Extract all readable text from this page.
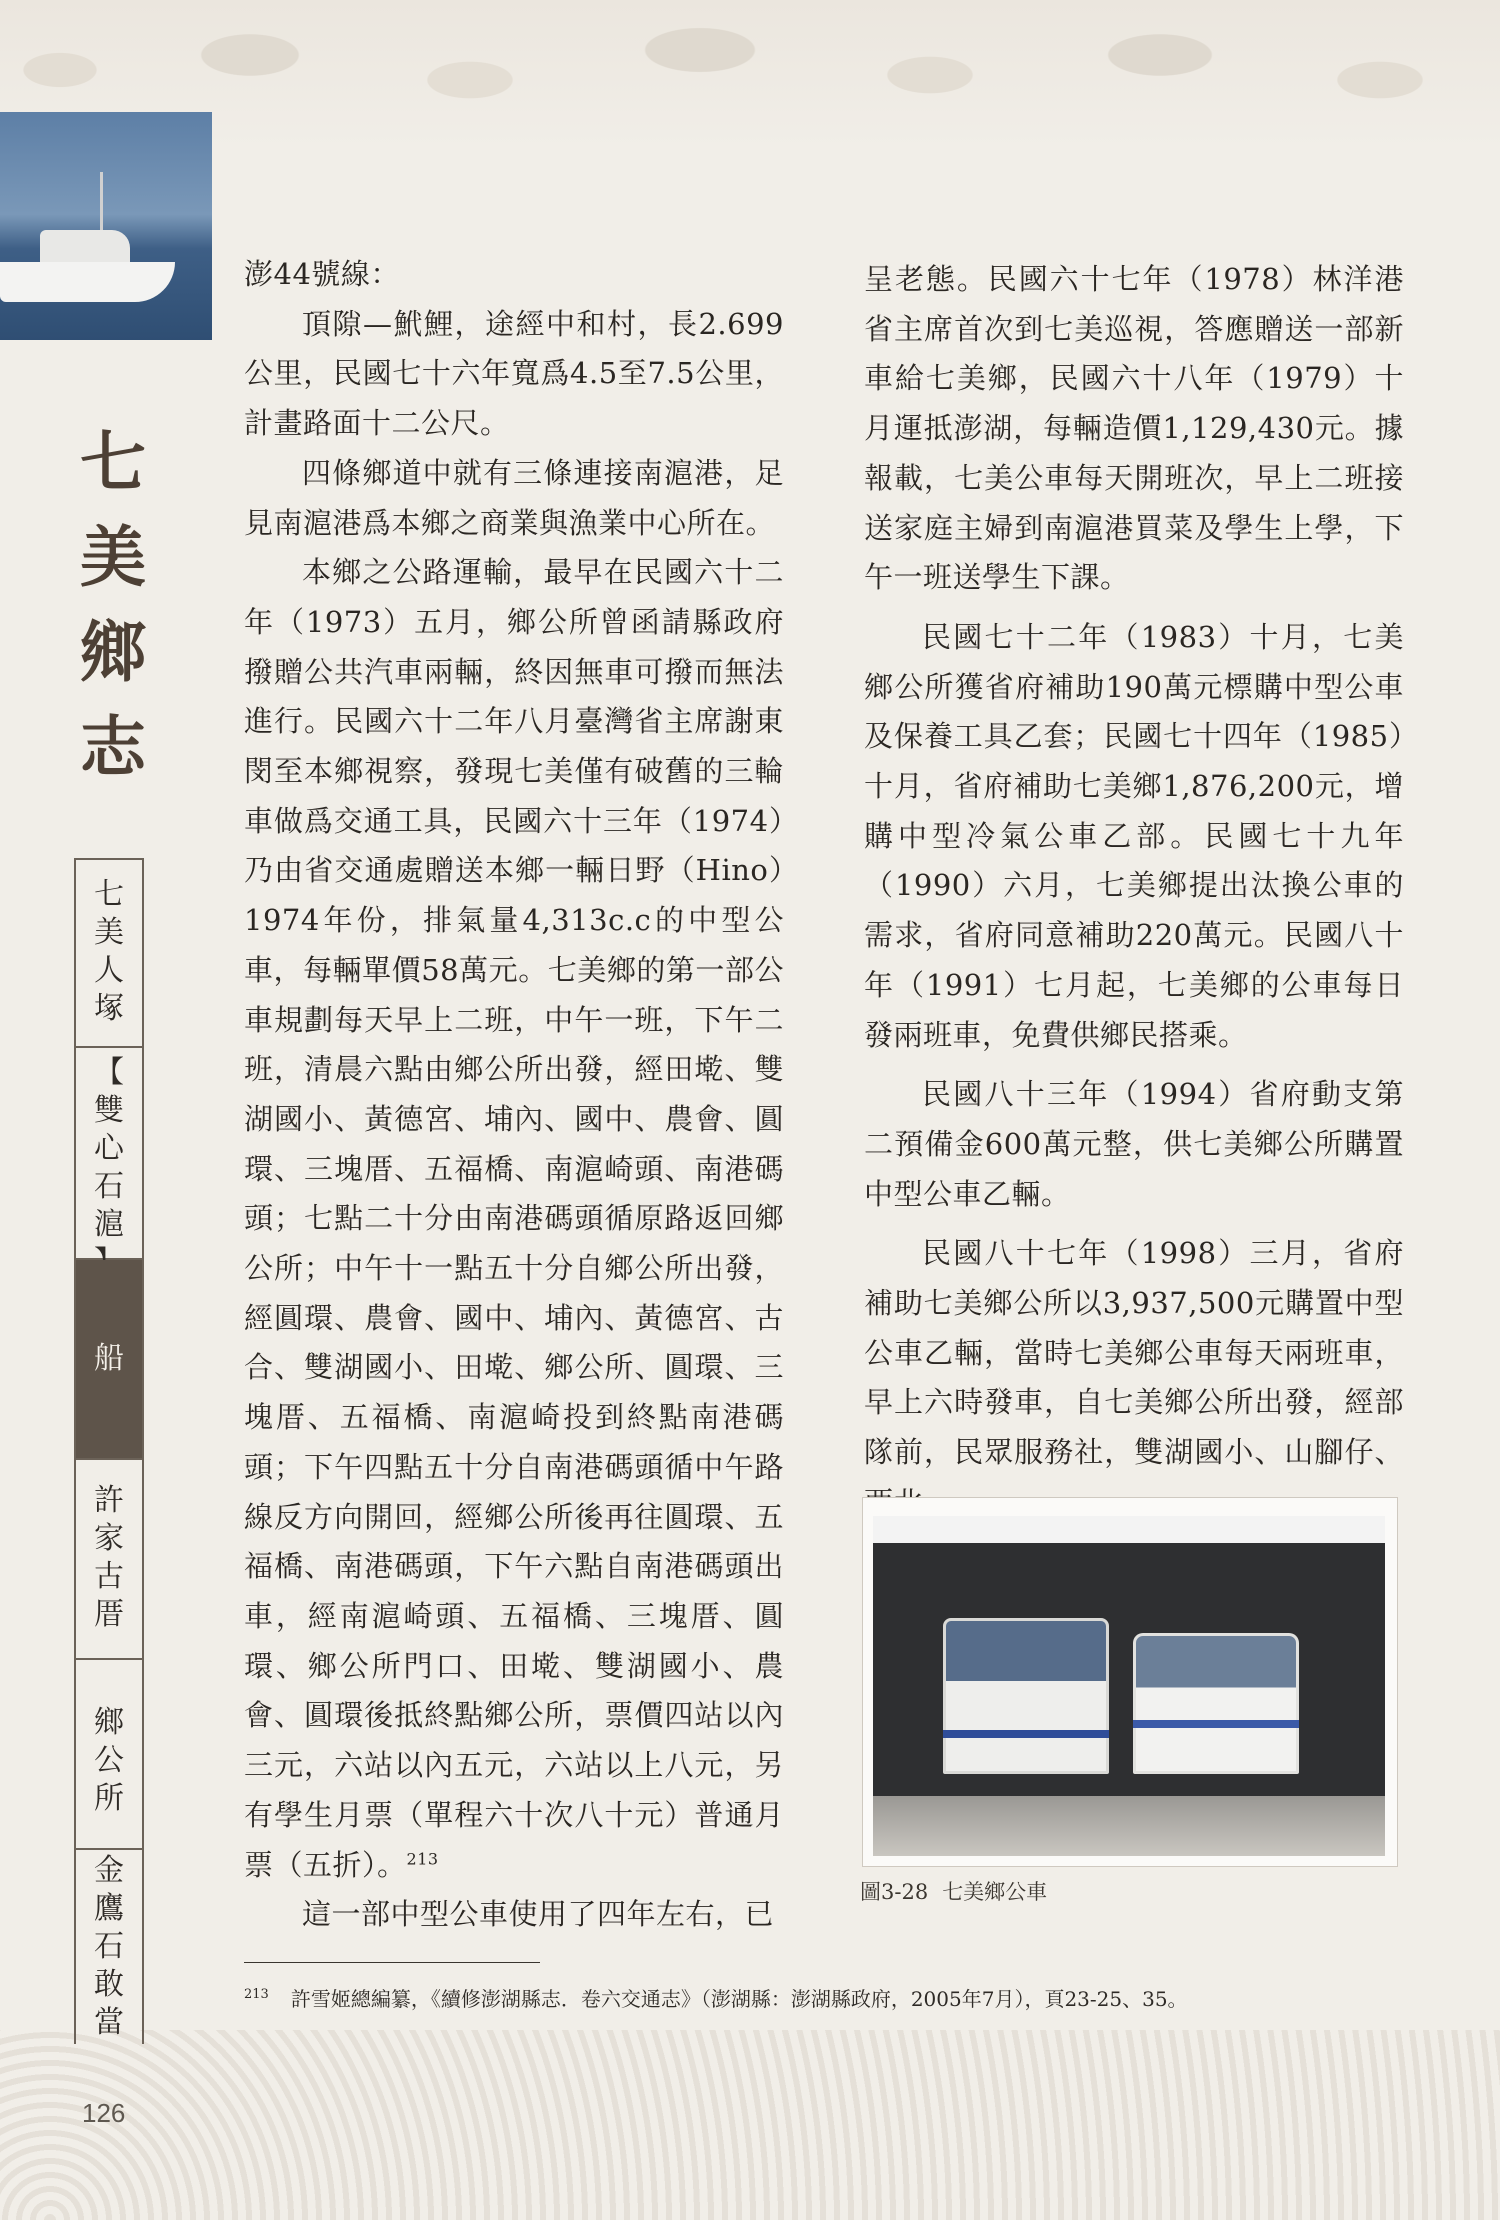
七
美
鄉
志
七
美
人
塚
【
雙
心
石
滬
船
許
家
古
厝
鄉
公
所
金
鷹
石
敢
當

澎44號線：

頂隙—鮘鯉，途經中和村，長2.699公里，民國七十六年寬爲4.5至7.5公里，計畫路面十二公尺。

四條鄉道中就有三條連接南滬港，足見南滬港爲本鄉之商業與漁業中心所在。

本鄉之公路運輸，最早在民國六十二年（1973）五月，鄉公所曾函請縣政府撥贈公共汽車兩輛，終因無車可撥而無法進行。民國六十二年八月臺灣省主席謝東閔至本鄉視察，發現七美僅有破舊的三輪車做爲交通工具，民國六十三年（1974）乃由省交通處贈送本鄉一輛日野（Hino）1974年份，排氣量4,313c.c的中型公車，每輛單價58萬元。七美鄉的第一部公車規劃每天早上二班，中午一班，下午二班，清晨六點由鄉公所出發，經田墘、雙湖國小、黃德宮、埔內、國中、農會、圓環、三塊厝、五福橋、南滬崎頭、南港碼頭；七點二十分由南港碼頭循原路返回鄉公所；中午十一點五十分自鄉公所出發，經圓環、農會、國中、埔內、黃德宮、古合、雙湖國小、田墘、鄉公所、圓環、三塊厝、五福橋、南滬崎投到終點南港碼頭；下午四點五十分自南港碼頭循中午路線反方向開回，經鄉公所後再往圓環、五福橋、南港碼頭，下午六點自南港碼頭出車，經南滬崎頭、五福橋、三塊厝、圓環、鄉公所門口、田墘、雙湖國小、農會、圓環後抵終點鄉公所，票價四站以內三元，六站以內五元，六站以上八元，另有學生月票（單程六十次八十元）普通月票（五折）。$^{213}$

這一部中型公車使用了四年左右，已

呈老態。民國六十七年（1978）林洋港省主席首次到七美巡視，答應贈送一部新車給七美鄉，民國六十八年（1979）十月運抵澎湖，每輛造價1,129,430元。據報載，七美公車每天開班次，早上二班接送家庭主婦到南滬港買菜及學生上學，下午一班送學生下課。

民國七十二年（1983）十月，七美鄉公所獲省府補助190萬元標購中型公車及保養工具乙套；民國七十四年（1985）十月，省府補助七美鄉1,876,200元，增購中型冷氣公車乙部。民國七十九年（1990）六月，七美鄉提出汰換公車的需求，省府同意補助220萬元。民國八十年（1991）七月起，七美鄉的公車每日發兩班車，免費供鄉民搭乘。

民國八十三年（1994）省府動支第二預備金600萬元整，供七美鄉公所購置中型公車乙輛。

民國八十七年（1998）三月，省府補助七美鄉公所以3,937,500元購置中型公車乙輛，當時七美鄉公車每天兩班車，早上六時發車，自七美鄉公所出發，經部隊前，民眾服務社，雙湖國小、山腳仔、

圖3-28 七美鄉公車
$^{213}$ 許雪姬總編纂，《續修澎湖縣志．卷六交通志》（澎湖縣：澎湖縣政府，2005年7月），頁23-25、35。
126
